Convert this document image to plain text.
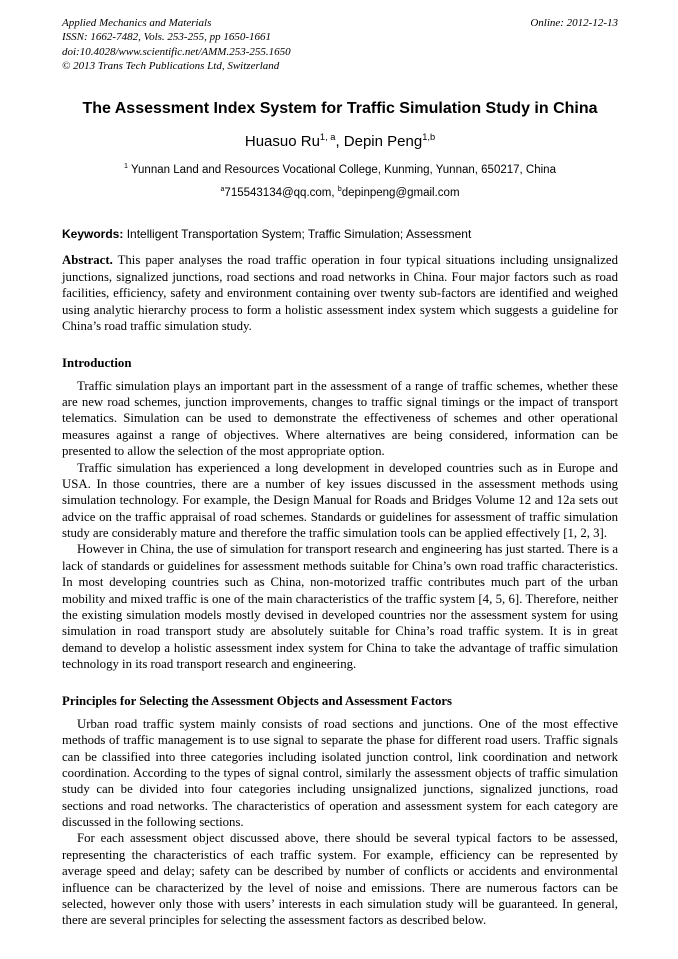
Applied Mechanics and Materials
ISSN: 1662-7482, Vols. 253-255, pp 1650-1661
doi:10.4028/www.scientific.net/AMM.253-255.1650
© 2013 Trans Tech Publications Ltd, Switzerland
Online: 2012-12-13
The Assessment Index System for Traffic Simulation Study in China
Huasuo Ru$^{1, a}$, Depin Peng$^{1,b}$
$^1$ Yunnan Land and Resources Vocational College, Kunming, Yunnan, 650217, China
$^a$715543134@qq.com, $^b$depinpeng@gmail.com
Keywords: Intelligent Transportation System; Traffic Simulation; Assessment

Abstract. This paper analyses the road traffic operation in four typical situations including unsignalized junctions, signalized junctions, road sections and road networks in China. Four major factors such as road facilities, efficiency, safety and environment containing over twenty sub-factors are identified and weighed using analytic hierarchy process to form a holistic assessment index system which suggests a guideline for China’s road traffic simulation study.

Introduction

Traffic simulation plays an important part in the assessment of a range of traffic schemes, whether these are new road schemes, junction improvements, changes to traffic signal timings or the impact of transport telematics. Simulation can be used to demonstrate the effectiveness of schemes and other operational measures against a range of objectives. Where alternatives are being considered, information can be presented to allow the selection of the most appropriate option.

Traffic simulation has experienced a long development in developed countries such as in Europe and USA. In those countries, there are a number of key issues discussed in the assessment methods using simulation technology. For example, the Design Manual for Roads and Bridges Volume 12 and 12a sets out advice on the traffic appraisal of road schemes. Standards or guidelines for assessment of traffic simulation study are considerably mature and therefore the traffic simulation tools can be applied effectively [1, 2, 3].

However in China, the use of simulation for transport research and engineering has just started. There is a lack of standards or guidelines for assessment methods suitable for China’s own road traffic characteristics. In most developing countries such as China, non-motorized traffic contributes much part of the urban mobility and mixed traffic is one of the main characteristics of the traffic system [4, 5, 6]. Therefore, neither the existing simulation models mostly devised in developed countries nor the assessment system for using simulation in road transport study are absolutely suitable for China’s road traffic system. It is in great demand to develop a holistic assessment index system for China to take the advantage of traffic simulation technology in its road transport research and engineering.

Principles for Selecting the Assessment Objects and Assessment Factors

Urban road traffic system mainly consists of road sections and junctions. One of the most effective methods of traffic management is to use signal to separate the phase for different road users. Traffic signals can be classified into three categories including isolated junction control, link coordination and network coordination. According to the types of signal control, similarly the assessment objects of traffic simulation study can be divided into four categories including unsignalized junctions, signalized junctions, road sections and road networks. The characteristics of operation and assessment system for each category are discussed in the following sections.

For each assessment object discussed above, there should be several typical factors to be assessed, representing the characteristics of each traffic system. For example, efficiency can be represented by average speed and delay; safety can be described by number of conflicts or accidents and environmental influence can be characterized by the level of noise and emissions. There are numerous factors can be selected, however only those with users’ interests in each simulation study will be guaranteed. In general, there are several principles for selecting the assessment factors as described below.
